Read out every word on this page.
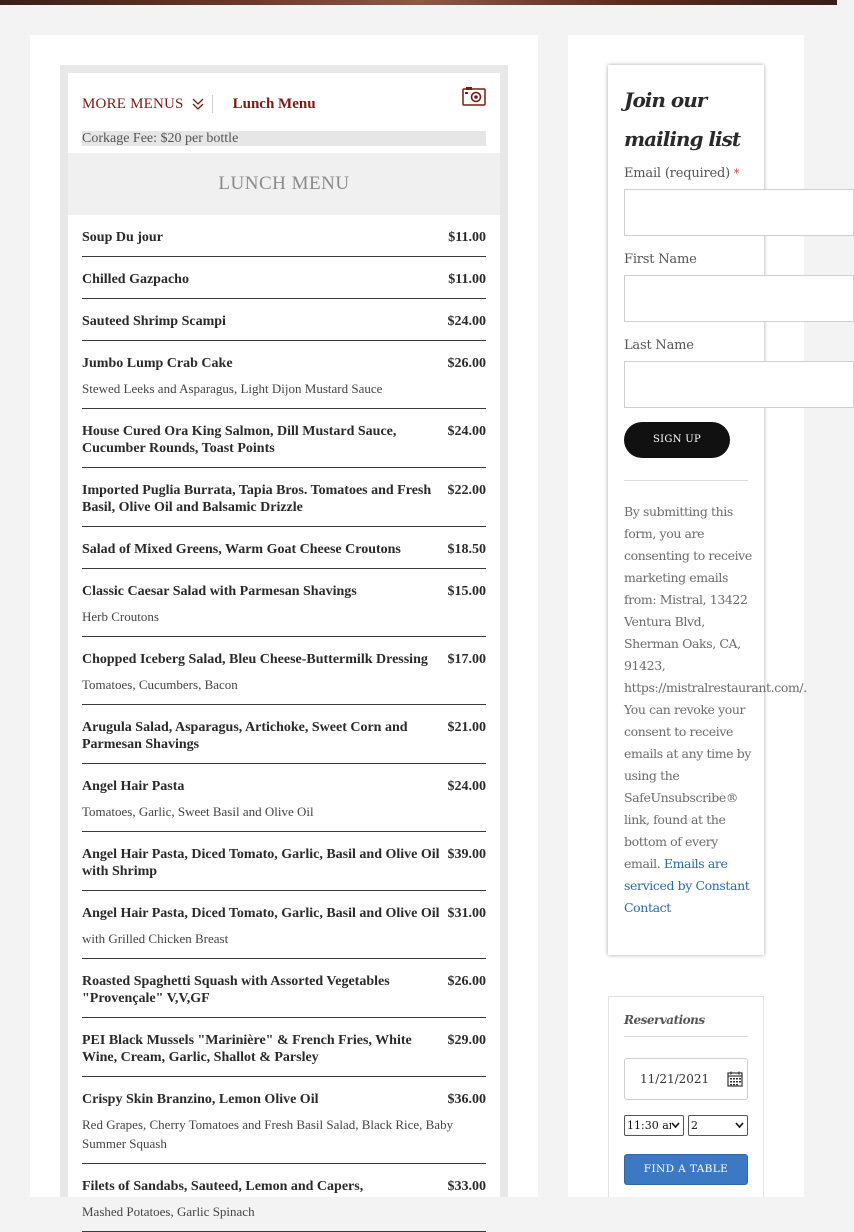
MORE MENUS	Lunch Menu
Corkage Fee: $20 per bottle
LUNCH MENU
Soup Du jour	$11.00
Chilled Gazpacho	$11.00
Sauteed Shrimp Scampi	$24.00
Jumbo Lump Crab Cake	$26.00
Stewed Leeks and Asparagus, Light Dijon Mustard Sauce
House Cured Ora King Salmon, Dill Mustard Sauce, Cucumber Rounds, Toast Points
$24.00
Imported Puglia Burrata, Tapia Bros. Tomatoes and Fresh Basil, Olive Oil and Balsamic Drizzle
$22.00
Salad of Mixed Greens, Warm Goat Cheese Croutons	$18.50
Classic Caesar Salad with Parmesan Shavings	$15.00
Herb Croutons
Chopped Iceberg Salad, Bleu Cheese-Buttermilk Dressing	$17.00
Tomatoes, Cucumbers, Bacon
Arugula Salad, Asparagus, Artichoke, Sweet Corn and Parmesan Shavings
$21.00
Angel Hair Pasta	$24.00
Tomatoes, Garlic, Sweet Basil and Olive Oil
Angel Hair Pasta, Diced Tomato, Garlic, Basil and Olive Oil with Shrimp
$39.00
Angel Hair Pasta, Diced Tomato, Garlic, Basil and Olive Oil $31.00
with Grilled Chicken Breast
Roasted Spaghetti Squash with Assorted Vegetables "Provençale" V,V,GF
$26.00
PEI Black Mussels "Marinière" & French Fries, White Wine, Cream, Garlic, Shallot & Parsley
$29.00
Crispy Skin Branzino, Lemon Olive Oil	$36.00
Red Grapes, Cherry Tomatoes and Fresh Basil Salad, Black Rice, Baby Summer Squash
Filets of Sandabs, Sauteed, Lemon and Capers,	$33.00
Mashed Potatoes, Garlic Spinach
Join our mailing list
Email (required) *
First Name
Last Name
SIGN UP
By submitting this form, you are consenting to receive marketing emails from: Mistral, 13422 Ventura Blvd, Sherman Oaks, CA, 91423, https://mistralrestaurant.com/. You can revoke your consent to receive emails at any time by using the SafeUnsubscribe® link, found at the bottom of every email. Emails are serviced by Constant Contact
Reservations
11/21/2021
11:30 am 2
FIND A TABLE
